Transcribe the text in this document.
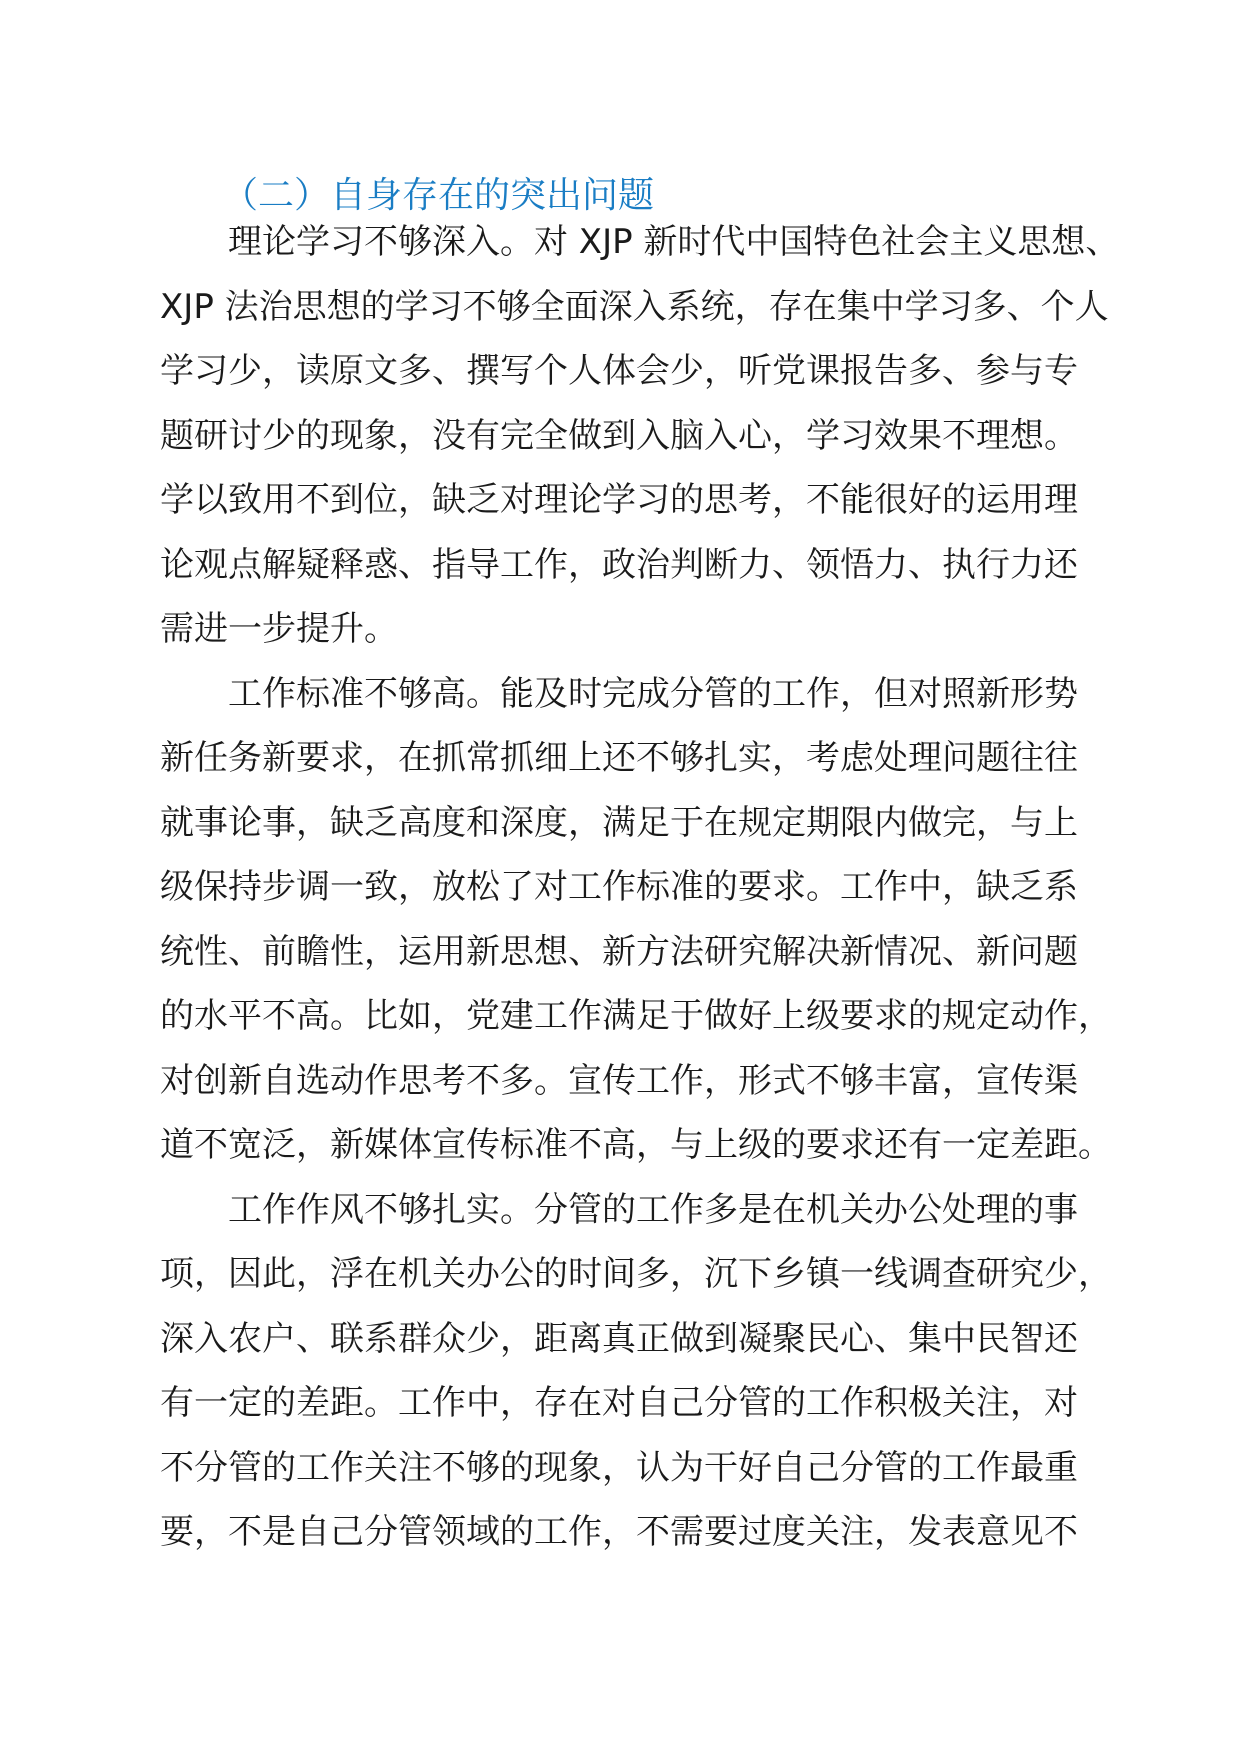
（二）自身存在的突出问题
理论学习不够深入。对 XJP 新时代中国特色社会主义思想、
XJP 法治思想的学习不够全面深入系统，存在集中学习多、个人
学习少，读原文多、撰写个人体会少，听党课报告多、参与专
题研讨少的现象，没有完全做到入脑入心，学习效果不理想。
学以致用不到位，缺乏对理论学习的思考，不能很好的运用理
论观点解疑释惑、指导工作，政治判断力、领悟力、执行力还
需进一步提升。
工作标准不够高。能及时完成分管的工作，但对照新形势
新任务新要求，在抓常抓细上还不够扎实，考虑处理问题往往
就事论事，缺乏高度和深度，满足于在规定期限内做完，与上
级保持步调一致，放松了对工作标准的要求。工作中，缺乏系
统性、前瞻性，运用新思想、新方法研究解决新情况、新问题
的水平不高。比如，党建工作满足于做好上级要求的规定动作，
对创新自选动作思考不多。宣传工作，形式不够丰富，宣传渠
道不宽泛，新媒体宣传标准不高，与上级的要求还有一定差距。
工作作风不够扎实。分管的工作多是在机关办公处理的事
项，因此，浮在机关办公的时间多，沉下乡镇一线调查研究少，
深入农户、联系群众少，距离真正做到凝聚民心、集中民智还
有一定的差距。工作中，存在对自己分管的工作积极关注，对
不分管的工作关注不够的现象，认为干好自己分管的工作最重
要，不是自己分管领域的工作，不需要过度关注，发表意见不
